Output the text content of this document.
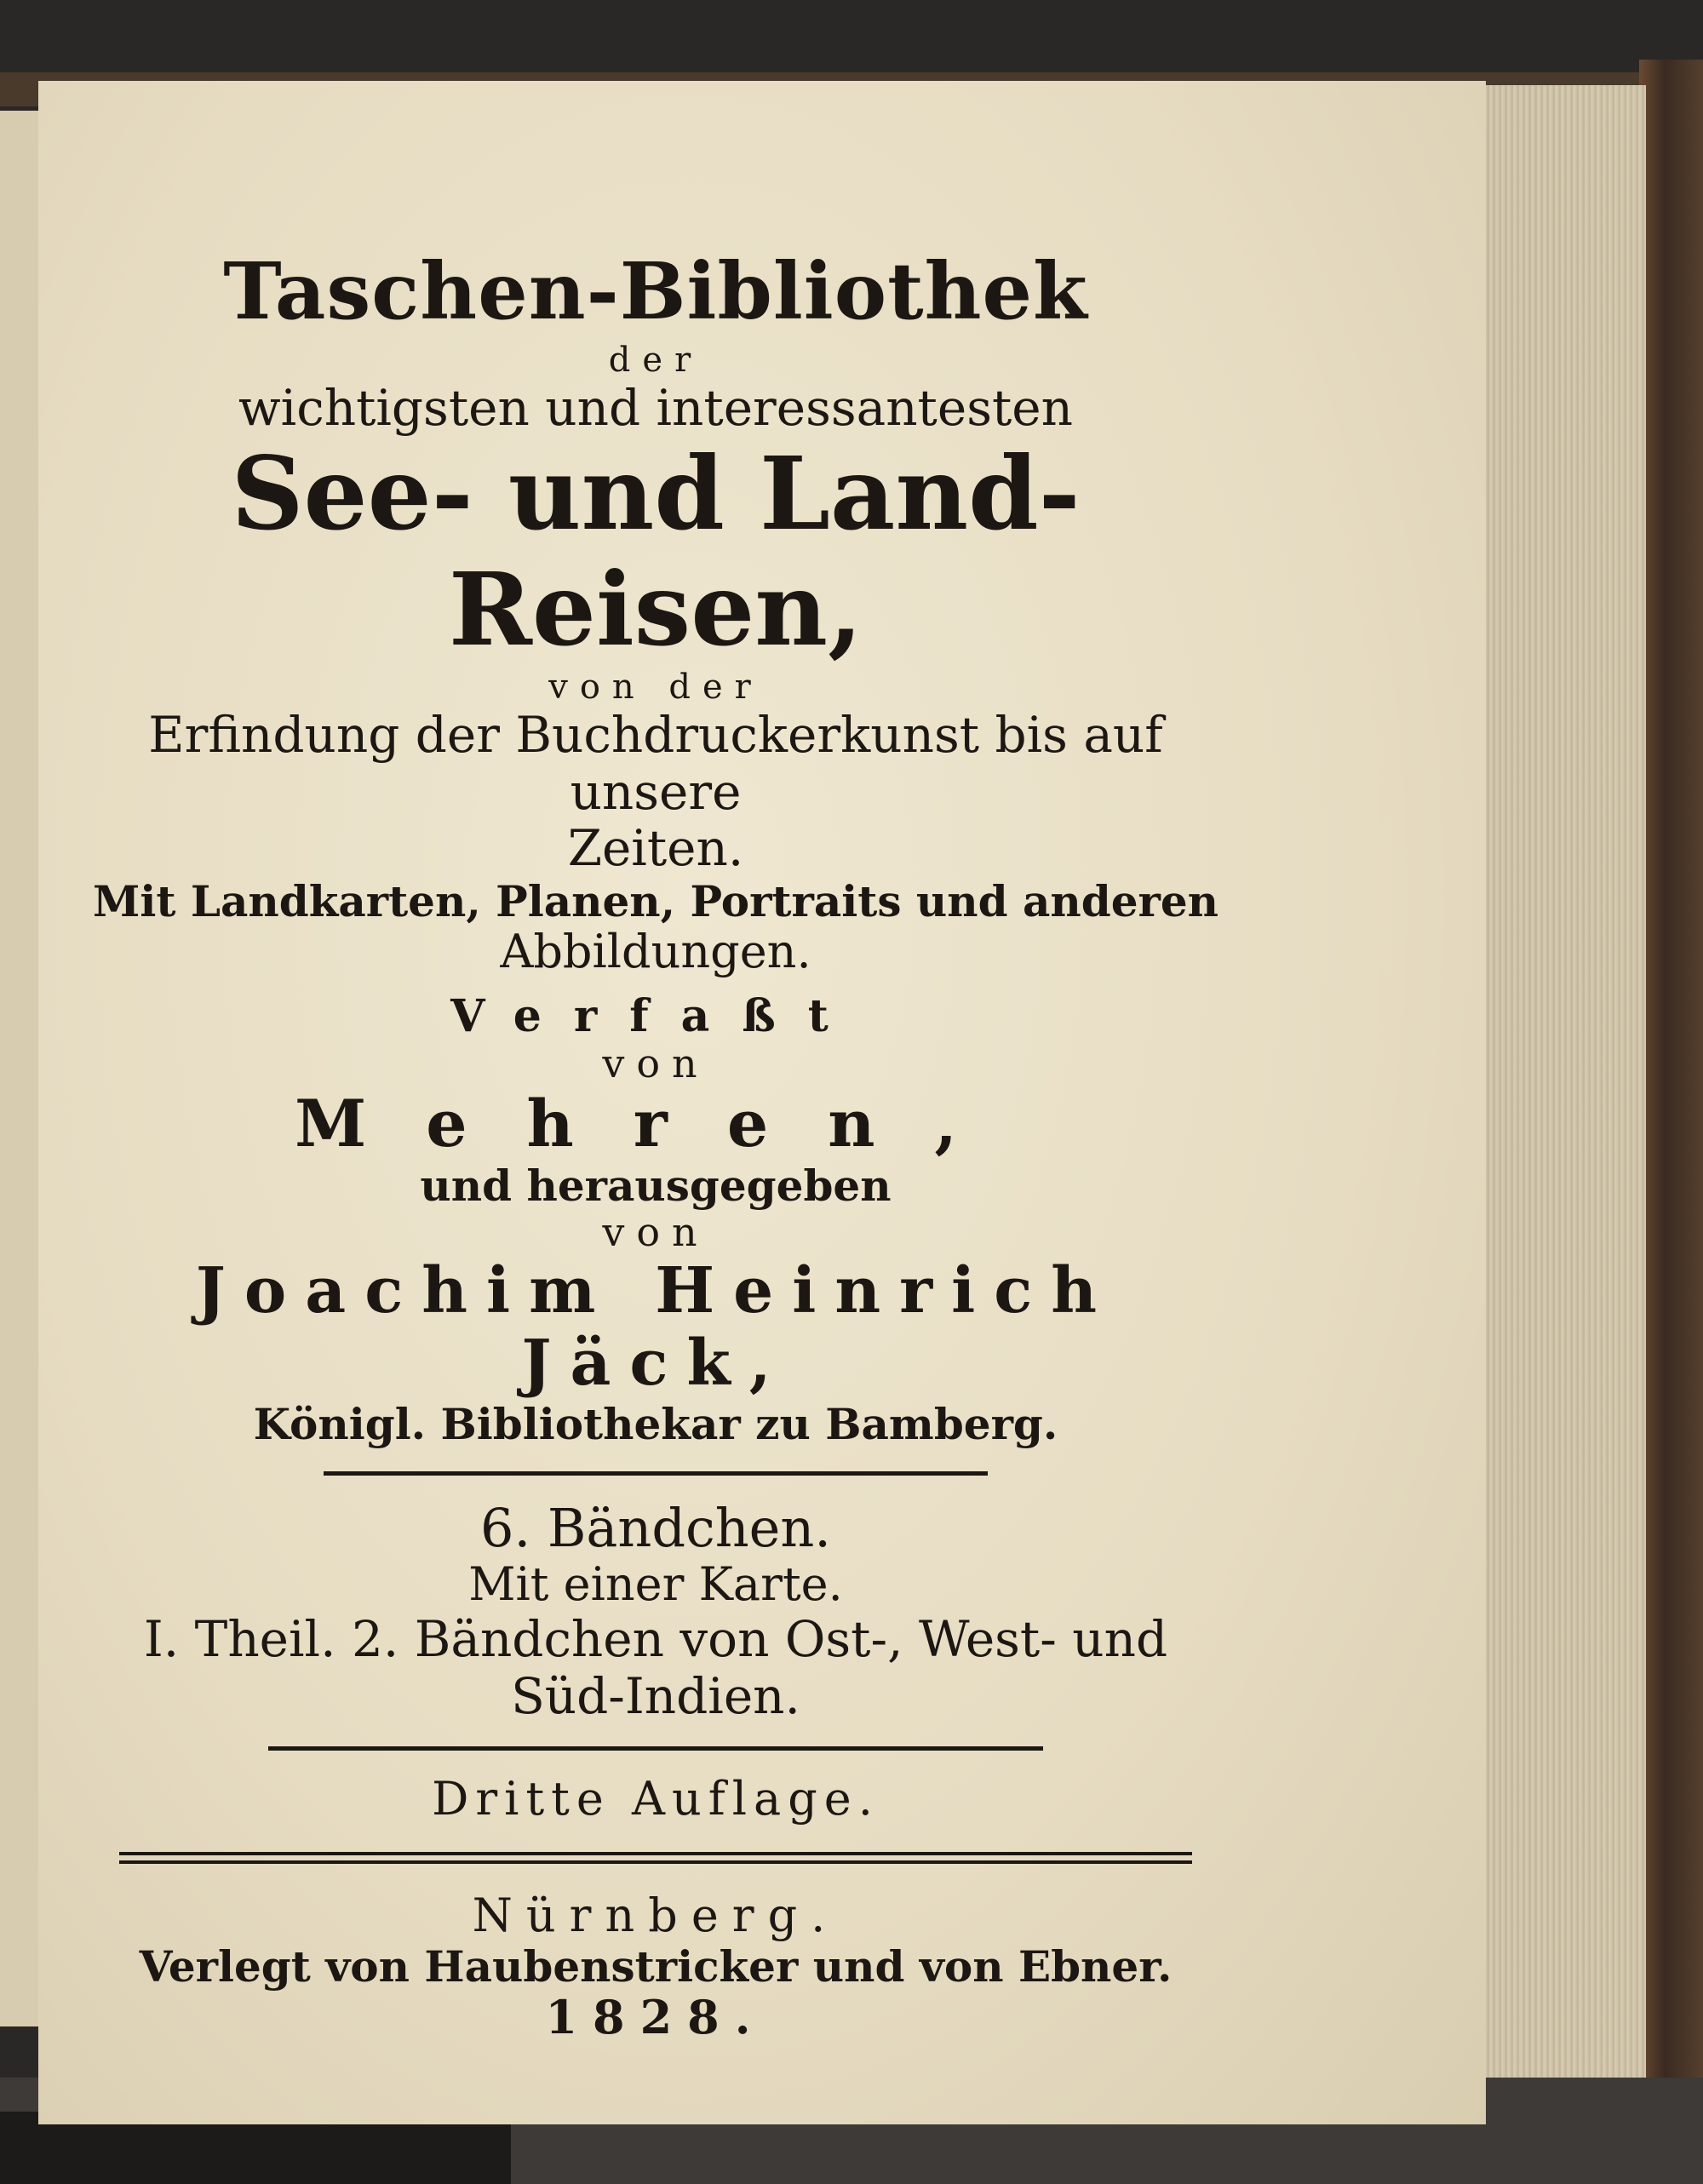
Taschen-Bibliothek
der
wichtigsten und interessantesten
See- und Land-Reisen,
von der
Erfindung der Buchdruckerkunst bis auf unsere
Zeiten.
Mit Landkarten, Planen, Portraits und anderen
Abbildungen.
Verfaßt
von
Mehren,
und herausgegeben
von
Joachim Heinrich Jäck,
Königl. Bibliothekar zu Bamberg.
6. Bändchen.
Mit einer Karte.
I. Theil. 2. Bändchen von Ost-, West- und
Süd-Indien.
Dritte Auflage.
Nürnberg.
Verlegt von Haubenstricker und von Ebner.
1828.
